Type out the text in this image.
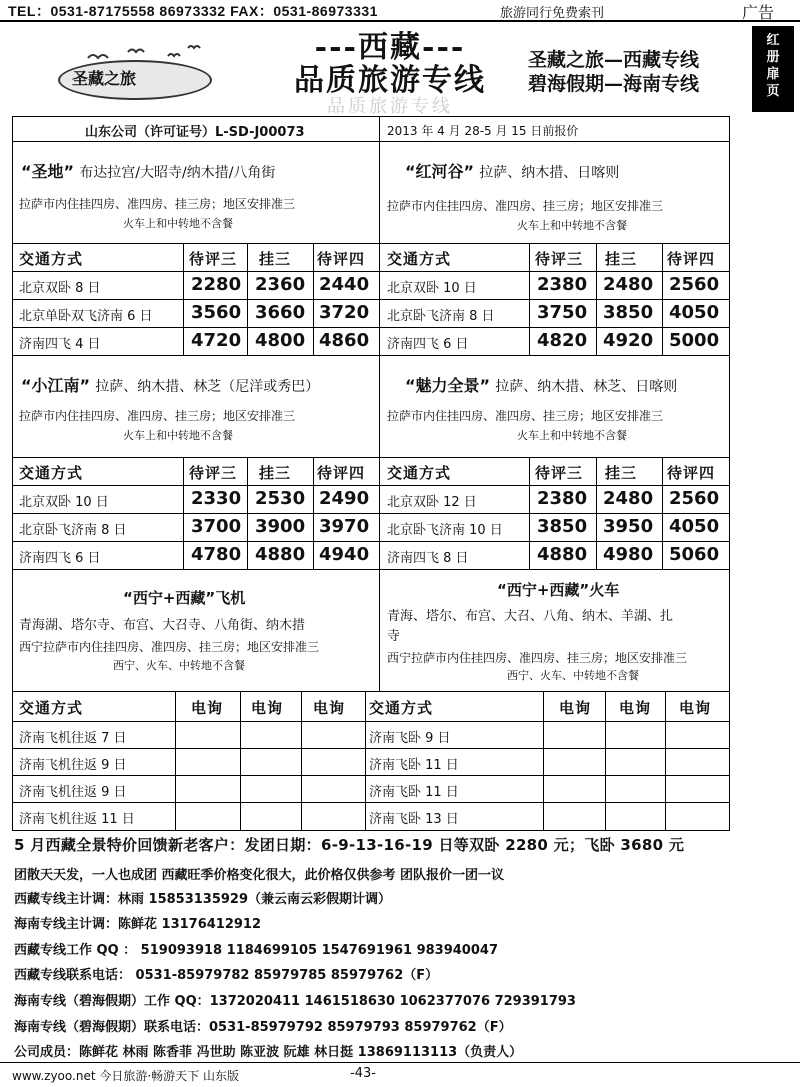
TEL：0531-87175558 86973332 FAX：0531-86973331	旅游同行免费索刊	广告
红
册
扉
页
圣藏之旅
---西藏---
品质旅游专线
品质旅游专线
圣藏之旅—西藏专线
碧海假期—海南专线
山东公司（许可证号）L-SD-J00073	2013 年 4 月 28-5 月 15 日前报价
“圣地” 布达拉宫/大昭寺/纳木措/八角街
拉萨市内住挂四房、准四房、挂三房；地区安排准三
火车上和中转地不含餐
交通方式	待评三 挂三 待评四
北京双卧 8 日	2280 2360 2440
北京单卧双飞济南 6 日 3560 3660 3720
济南四飞 4 日	4720 4800 4860
“红河谷” 拉萨、纳木措、日喀则
拉萨市内住挂四房、准四房、挂三房；地区安排准三
火车上和中转地不含餐
交通方式	待评三 挂三 待评四
北京双卧 10 日	2380 2480 2560
北京卧飞济南 8 日 3750 3850 4050
济南四飞 6 日	4820 4920 5000
“小江南” 拉萨、纳木措、林芝（尼洋或秀巴）
拉萨市内住挂四房、准四房、挂三房；地区安排准三
火车上和中转地不含餐
交通方式	待评三 挂三 待评四
北京双卧 10 日	2330 2530 2490
北京卧飞济南 8 日	3700 3900 3970
济南四飞 6 日	4780 4880 4940
“魅力全景” 拉萨、纳木措、林芝、日喀则
拉萨市内住挂四房、准四房、挂三房；地区安排准三
火车上和中转地不含餐
交通方式	待评三 挂三 待评四
北京双卧 12 日	2380 2480 2560
北京卧飞济南 10 日 3850 3950 4050
济南四飞 8 日	4880 4980 5060
“西宁+西藏”飞机
青海湖、塔尔寺、布宫、大召寺、八角街、纳木措
西宁拉萨市内住挂四房、准四房、挂三房；地区安排准三
西宁、火车、中转地不含餐
交通方式	电询 电询 电询
济南飞机往返 7 日
济南飞机往返 9 日
济南飞机往返 9 日
济南飞机往返 11 日
“西宁+西藏”火车
青海、塔尔、布宫、大召、八角、纳木、羊湖、扎
寺
西宁拉萨市内住挂四房、准四房、挂三房；地区安排准三
西宁、火车、中转地不含餐
交通方式	电询 电询 电询
济南飞卧 9 日
济南飞卧 11 日
济南飞卧 11 日
济南飞卧 13 日
5 月西藏全景特价回馈新老客户：发团日期：6-9-13-16-19 日等双卧 2280 元；飞卧 3680 元
团散天天发，一人也成团 西藏旺季价格变化很大，此价格仅供参考 团队报价一团一议
西藏专线主计调：林雨 15853135929（兼云南云彩假期计调）
海南专线主计调：陈鲜花 13176412912
西藏专线工作 QQ ： 519093918 1184699105 1547691961 983940047
西藏专线联系电话： 0531-85979782 85979785 85979762（F）
海南专线（碧海假期）工作 QQ：1372020411 1461518630 1062377076 729391793
海南专线（碧海假期）联系电话：0531-85979792 85979793 85979762（F）
公司成员：陈鲜花 林雨 陈香菲 冯世助 陈亚波 阮雄 林日挺 13869113113（负责人）
www.zyoo.net 今日旅游·畅游天下 山东版	-43-
